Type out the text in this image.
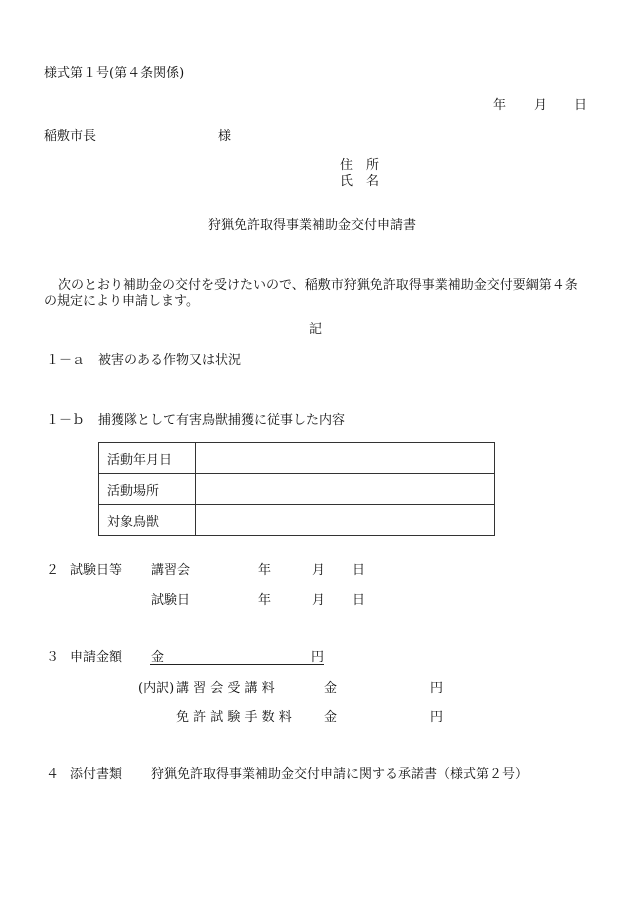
様式第１号(第４条関係)
年 月 日
稲敷市長	様
住　所
氏　名
狩猟免許取得事業補助金交付申請書
次のとおり補助金の交付を受けたいので、稲敷市狩猟免許取得事業補助金交付要綱第４条
の規定により申請します。
記
１－ａ 被害のある作物又は状況
１－ｂ 捕獲隊として有害鳥獣捕獲に従事した内容
活動年月日	
活動場所	
対象鳥獣	
２ 試験日等 講習会	年	月 日
試験日	年	月 日
３ 申請金額 金	円
(内訳) 講 習 会 受 講 料	金	円
免 許 試 験 手 数 料 金	円
４ 添付書類 狩猟免許取得事業補助金交付申請に関する承諾書（様式第２号）
